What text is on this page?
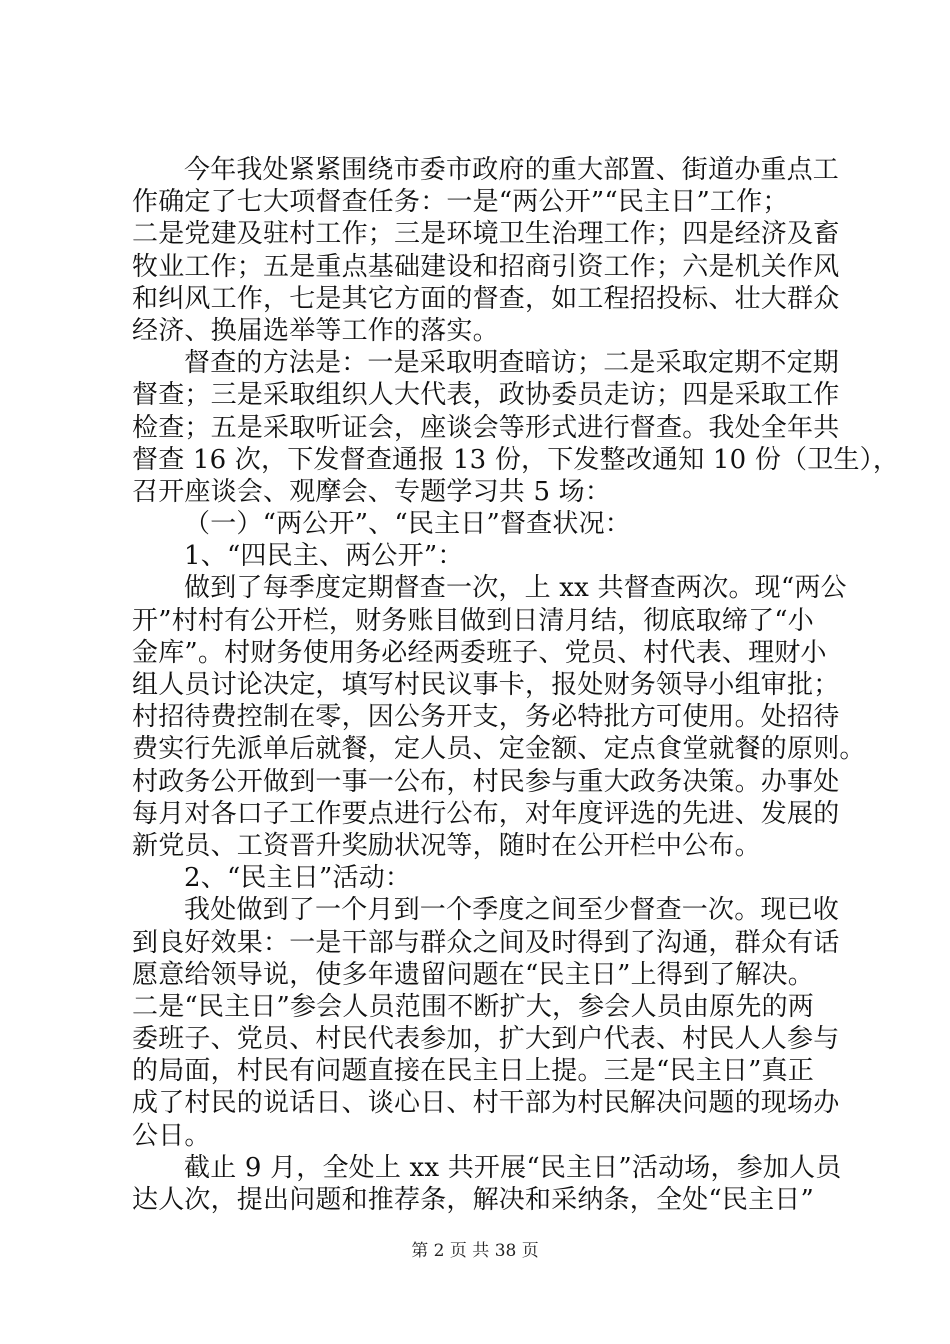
今年我处紧紧围绕市委市政府的重大部置、街道办重点工
作确定了七大项督查任务：一是“两公开”“民主日”工作；
二是党建及驻村工作；三是环境卫生治理工作；四是经济及畜
牧业工作；五是重点基础建设和招商引资工作；六是机关作风
和纠风工作，七是其它方面的督查，如工程招投标、壮大群众
经济、换届选举等工作的落实。
督查的方法是：一是采取明查暗访；二是采取定期不定期
督查；三是采取组织人大代表，政协委员走访；四是采取工作
检查；五是采取听证会，座谈会等形式进行督查。我处全年共
督查 16 次，下发督查通报 13 份，下发整改通知 10 份（卫生），
召开座谈会、观摩会、专题学习共 5 场：
（一）“两公开”、“民主日”督查状况：
1、“四民主、两公开”：
做到了每季度定期督查一次，上 xx 共督查两次。现“两公
开”村村有公开栏，财务账目做到日清月结，彻底取缔了“小
金库”。村财务使用务必经两委班子、党员、村代表、理财小
组人员讨论决定，填写村民议事卡，报处财务领导小组审批；
村招待费控制在零，因公务开支，务必特批方可使用。处招待
费实行先派单后就餐，定人员、定金额、定点食堂就餐的原则。
村政务公开做到一事一公布，村民参与重大政务决策。办事处
每月对各口子工作要点进行公布，对年度评选的先进、发展的
新党员、工资晋升奖励状况等，随时在公开栏中公布。
2、“民主日”活动：
我处做到了一个月到一个季度之间至少督查一次。现已收
到良好效果：一是干部与群众之间及时得到了沟通，群众有话
愿意给领导说，使多年遗留问题在“民主日”上得到了解决。
二是“民主日”参会人员范围不断扩大，参会人员由原先的两
委班子、党员、村民代表参加，扩大到户代表、村民人人参与
的局面，村民有问题直接在民主日上提。三是“民主日”真正
成了村民的说话日、谈心日、村干部为村民解决问题的现场办
公日。
截止 9 月，全处上 xx 共开展“民主日”活动场，参加人员
达人次，提出问题和推荐条，解决和采纳条，全处“民主日”
第 2 页 共 38 页
